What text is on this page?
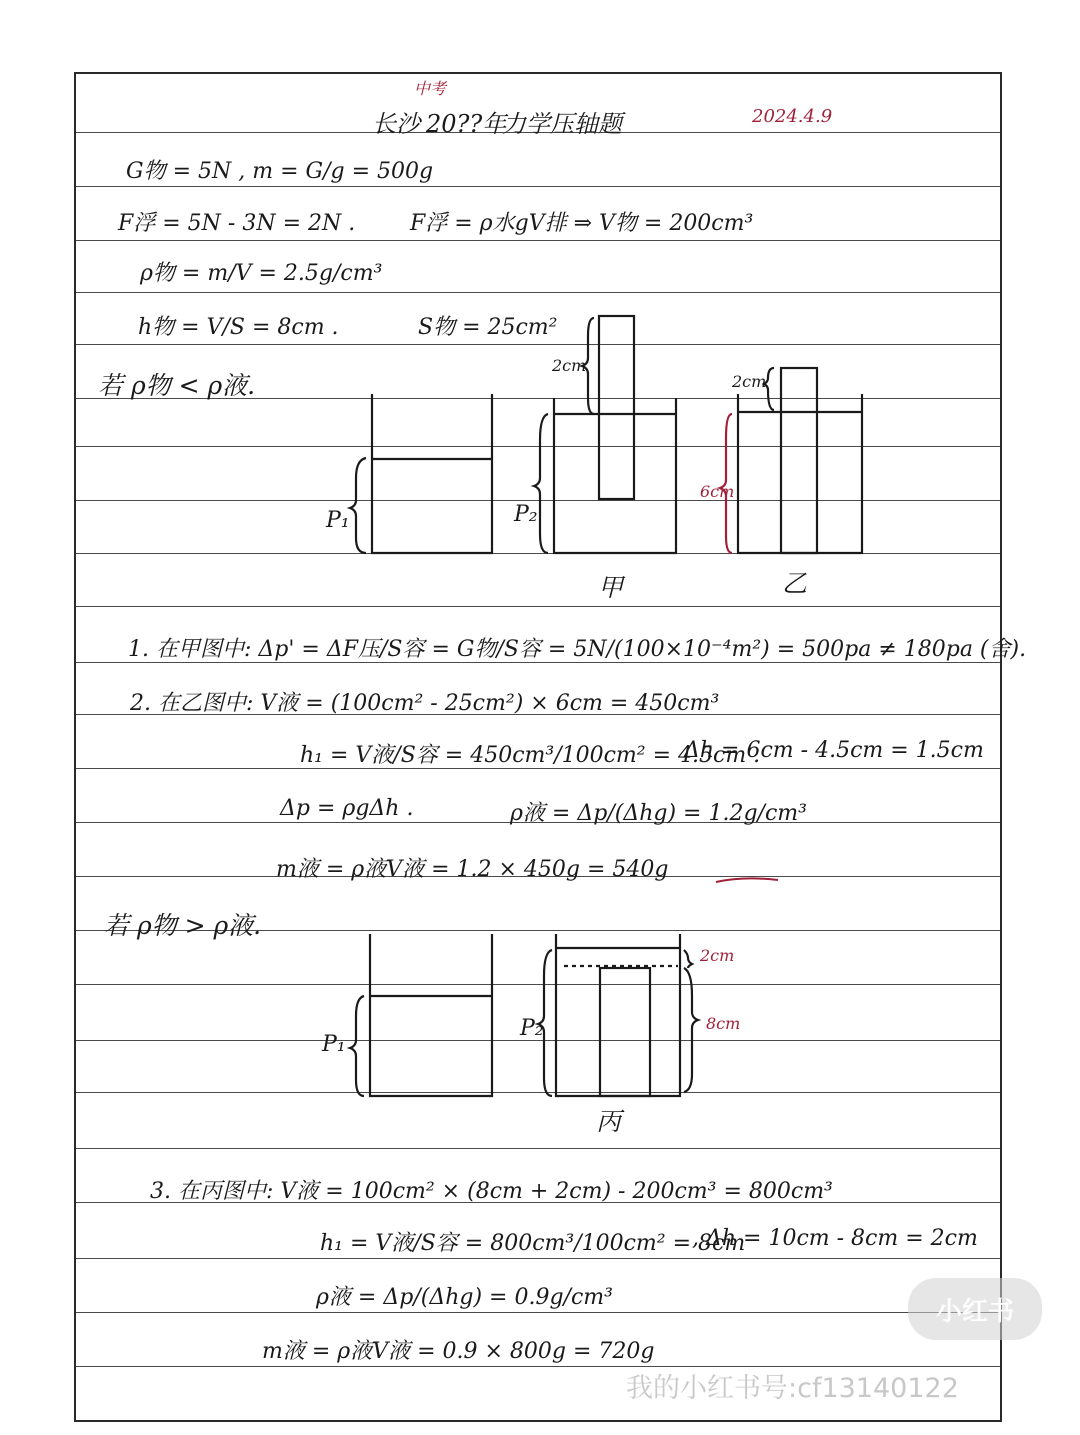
长沙
中考
20??年
力学压轴题	2024.4.9
G物 = 5N , m = G/g = 500g
F浮 = 5N - 3N = 2N . F浮 = ρ水gV排 ⇒ V物 = 200cm³
ρ物 = m/V = 2.5g/cm³
h物 = V/S = 8cm .	S物 = 25cm²
若 ρ物 < ρ液.
P₁	P₂
2cm
2cm
6cm
甲	乙
1. 在甲图中: Δp' = ΔF压/S容 = G物/S容 = 5N/(100×10⁻⁴m²) = 500pa ≠ 180pa (舍).
2. 在乙图中: V液 = (100cm² - 25cm²) × 6cm = 450cm³
h₁ = V液/S容 = 450cm³/100cm² = 4.5cm .
Δh = 6cm - 4.5cm = 1.5cm
Δp = ρgΔh .	ρ液 = Δp/(Δhg) = 1.2g/cm³
m液 = ρ液V液 = 1.2 × 450g = 540g
若 ρ物 > ρ液.
P₁
P₂
2cm
8cm
丙
3. 在丙图中: V液 = 100cm² × (8cm + 2cm) - 200cm³ = 800cm³
h₁ = V液/S容 = 800cm³/100cm² = 8cm
, Δh = 10cm - 8cm = 2cm
ρ液 = Δp/(Δhg) = 0.9g/cm³
m液 = ρ液V液 = 0.9 × 800g = 720g
小红书
我的小红书号:cf13140122
